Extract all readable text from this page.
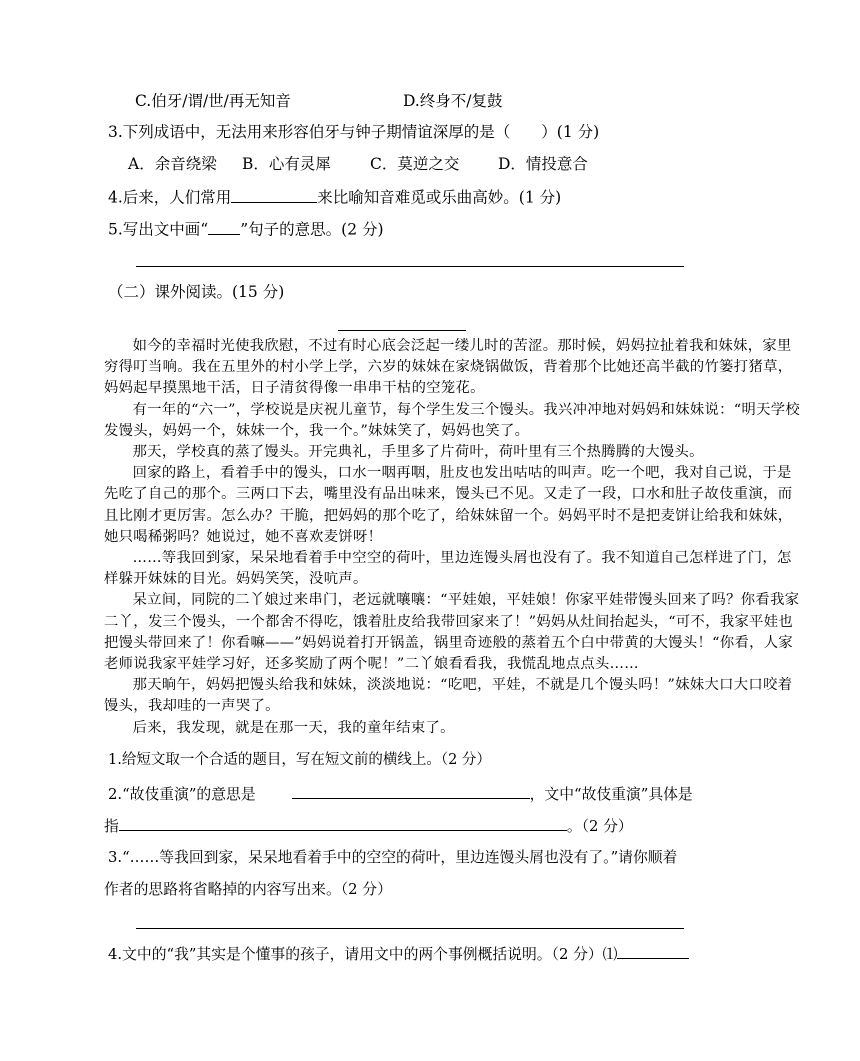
C.伯牙/谓/世/再无知音	D.终身不/复鼓
3.下列成语中，无法用来形容伯牙与钟子期情谊深厚的是（　　）(1 分)
A．余音绕梁 B．心有灵犀	C．莫逆之交 D．情投意合
4.后来，人们常用	来比喻知音难觅或乐曲高妙。(1 分)
5.写出文中画“ ”句子的意思。(2 分)
（二）课外阅读。(15 分)
如今的幸福时光使我欣慰，不过有时心底会泛起一缕儿时的苦涩。那时候，妈妈拉扯着我和妹妹，家里穷得叮当响。我在五里外的村小学上学，六岁的妹妹在家烧锅做饭，背着那个比她还高半截的竹篓打猪草，妈妈起早摸黑地干活，日子清贫得像一串串干枯的空笼花。
有一年的“六一”，学校说是庆祝儿童节，每个学生发三个馒头。我兴冲冲地对妈妈和妹妹说：“明天学校发馒头，妈妈一个，妹妹一个，我一个。”妹妹笑了，妈妈也笑了。
那天，学校真的蒸了馒头。开完典礼，手里多了片荷叶，荷叶里有三个热腾腾的大馒头。
回家的路上，看着手中的馒头，口水一咽再咽，肚皮也发出咕咕的叫声。吃一个吧，我对自己说，于是先吃了自己的那个。三两口下去，嘴里没有品出味来，馒头已不见。又走了一段，口水和肚子故伎重演，而且比刚才更厉害。怎么办？干脆，把妈妈的那个吃了，给妹妹留一个。妈妈平时不是把麦饼让给我和妹妹，她只喝稀粥吗？她说过，她不喜欢麦饼呀！
……等我回到家，呆呆地看着手中空空的荷叶，里边连馒头屑也没有了。我不知道自己怎样进了门，怎样躲开妹妹的目光。妈妈笑笑，没吭声。
呆立间，同院的二丫娘过来串门，老远就嚷嚷：“平娃娘，平娃娘！你家平娃带馒头回来了吗？你看我家二丫，发三个馒头，一个都舍不得吃，饿着肚皮给我带回家来了！”妈妈从灶间抬起头，“可不，我家平娃也把馒头带回来了！你看嘛——”妈妈说着打开锅盖，锅里奇迹般的蒸着五个白中带黄的大馒头！“你看，人家老师说我家平娃学习好，还多奖励了两个呢！”二丫娘看看我，我慌乱地点点头……
那天晌午，妈妈把馒头给我和妹妹，淡淡地说：“吃吧，平娃，不就是几个馒头吗！”妹妹大口大口咬着馒头，我却哇的一声哭了。
后来，我发现，就是在那一天，我的童年结束了。
1.给短文取一个合适的题目，写在短文前的横线上。（2 分）
2.“故伎重演”的意思是	，文中“故伎重演”具体是
指	。（2 分）
3.“……等我回到家，呆呆地看着手中的空空的荷叶，里边连馒头屑也没有了。”请你顺着
作者的思路将省略掉的内容写出来。（2 分）
4.文中的“我”其实是个懂事的孩子，请用文中的两个事例概括说明。（2 分）⑴
